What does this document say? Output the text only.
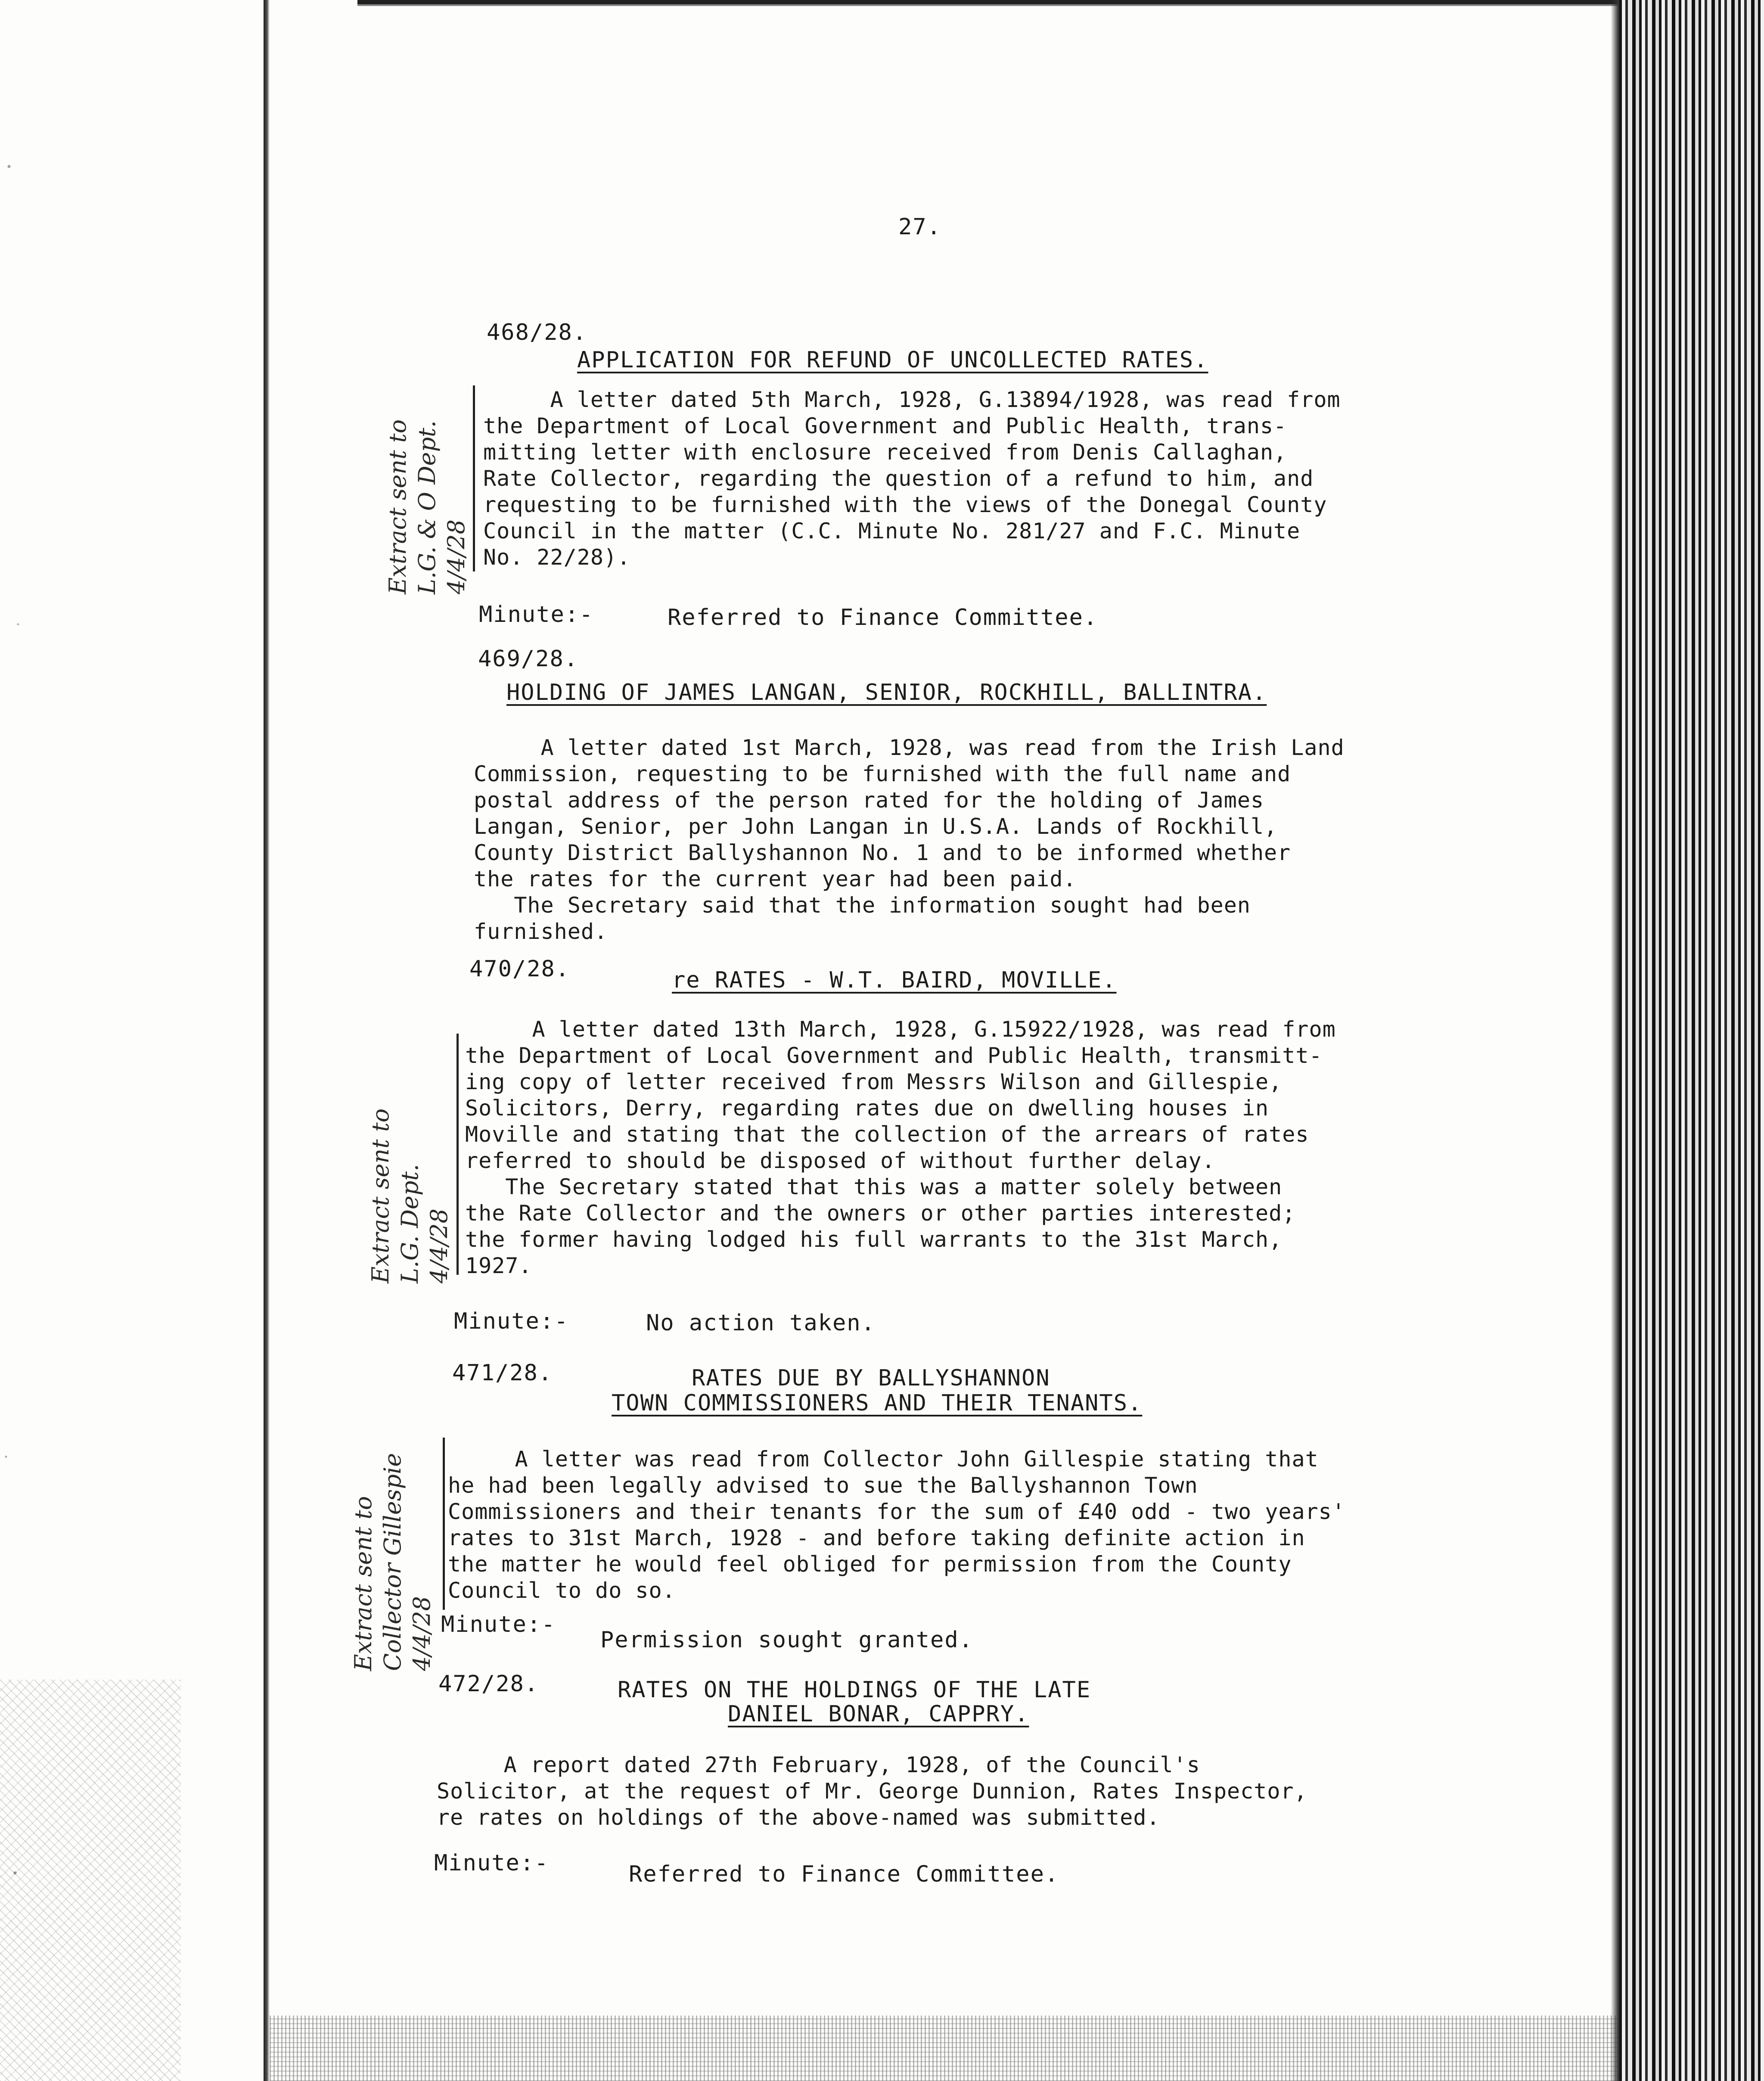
27.
468/28.
APPLICATION FOR REFUND OF UNCOLLECTED RATES.
A letter dated 5th March, 1928, G.13894/1928, was read from
the Department of Local Government and Public Health, trans-
mitting letter with enclosure received from Denis Callaghan,
Rate Collector, regarding the question of a refund to him, and
requesting to be furnished with the views of the Donegal County
Council in the matter (C.C. Minute No. 281/27 and F.C. Minute
No. 22/28).
Extract sent to L.G. & O Dept. 4/4/28
Minute:-	Referred to Finance Committee.
469/28.
HOLDING OF JAMES LANGAN, SENIOR, ROCKHILL, BALLINTRA.
A letter dated 1st March, 1928, was read from the Irish Land
Commission, requesting to be furnished with the full name and
postal address of the person rated for the holding of James
Langan, Senior, per John Langan in U.S.A. Lands of Rockhill,
County District Ballyshannon No. 1 and to be informed whether
the rates for the current year had been paid.
The Secretary said that the information sought had been
furnished.
470/28.	re RATES - W.T. BAIRD, MOVILLE.
A letter dated 13th March, 1928, G.15922/1928, was read from
the Department of Local Government and Public Health, transmitt-
ing copy of letter received from Messrs Wilson and Gillespie,
Solicitors, Derry, regarding rates due on dwelling houses in
Moville and stating that the collection of the arrears of rates
referred to should be disposed of without further delay.
The Secretary stated that this was a matter solely between
the Rate Collector and the owners or other parties interested;
the former having lodged his full warrants to the 31st March,
1927.
Extract sent to L.G. Dept. 4/4/28
Minute:-	No action taken.
471/28.	RATES DUE BY BALLYSHANNON
TOWN COMMISSIONERS AND THEIR TENANTS.
A letter was read from Collector John Gillespie stating that
he had been legally advised to sue the Ballyshannon Town
Commissioners and their tenants for the sum of £40 odd - two years'
rates to 31st March, 1928 - and before taking definite action in
the matter he would feel obliged for permission from the County
Council to do so.
Extract sent to Collector Gillespie 4/4/28 Minute:-
Permission sought granted.
472/28.	RATES ON THE HOLDINGS OF THE LATE
DANIEL BONAR, CAPPRY.
A report dated 27th February, 1928, of the Council's
Solicitor, at the request of Mr. George Dunnion, Rates Inspector,
re rates on holdings of the above-named was submitted.
Minute:-	Referred to Finance Committee.
